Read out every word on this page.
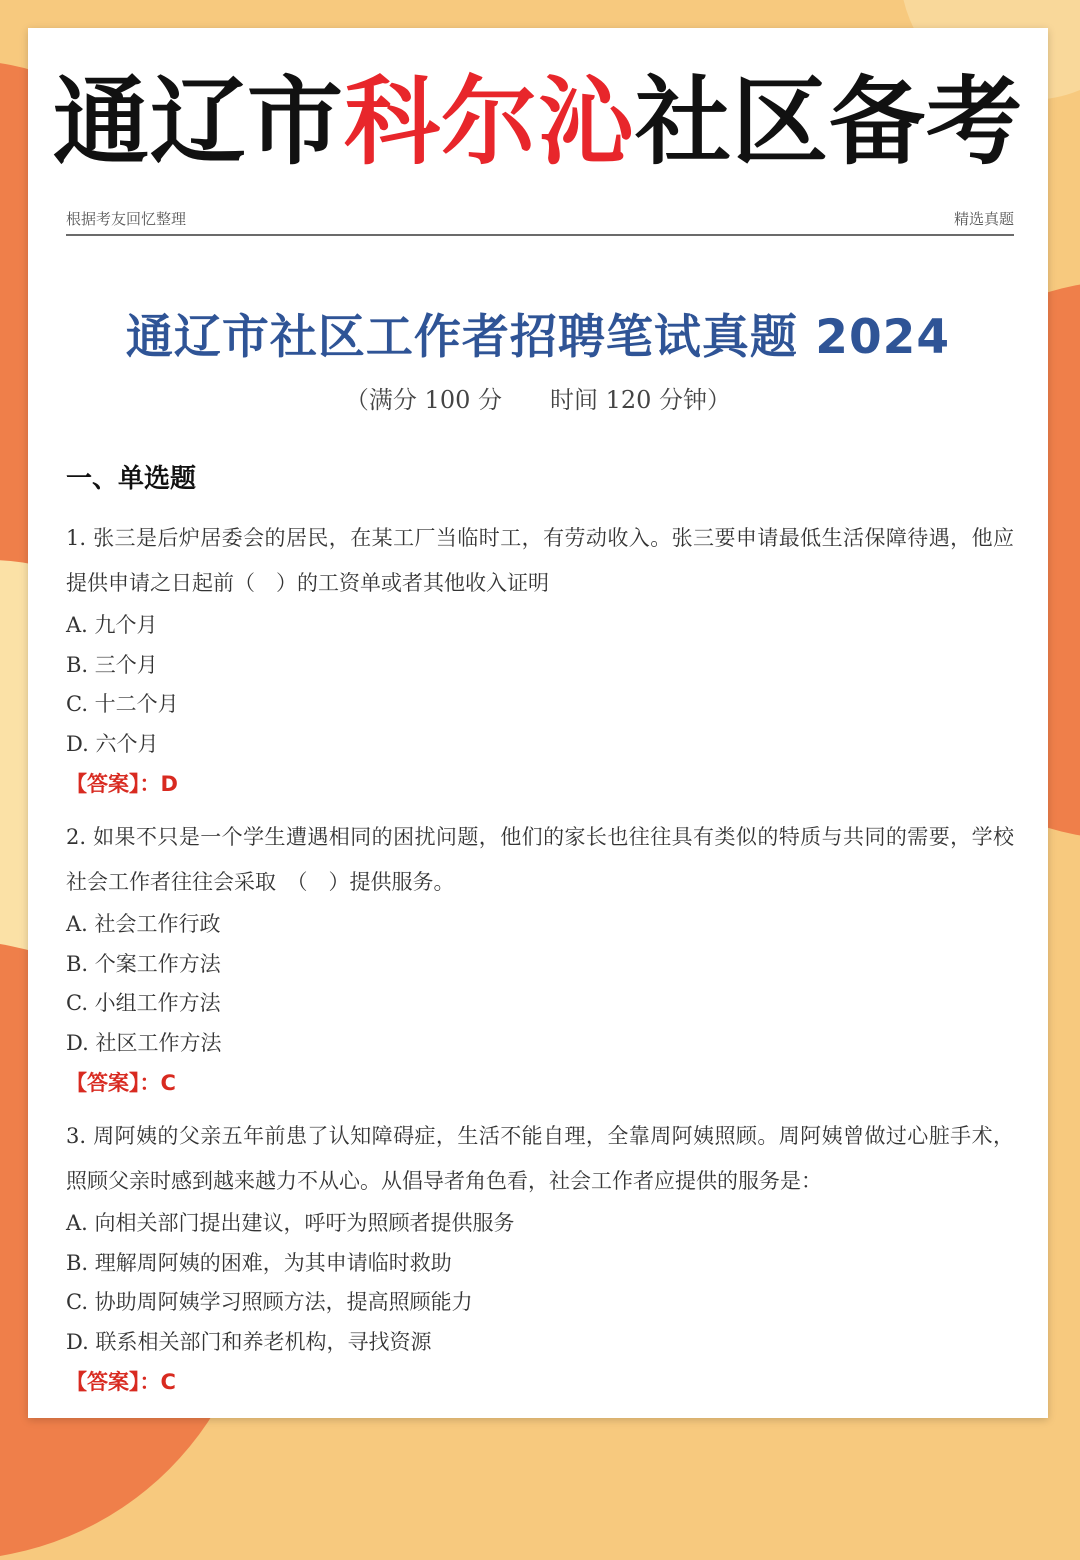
通辽市科尔沁社区备考
根据考友回忆整理	精选真题
通辽市社区工作者招聘笔试真题 2024
（满分 100 分　　时间 120 分钟）
一、单选题

1. 张三是后炉居委会的居民，在某工厂当临时工，有劳动收入。张三要申请最低生活保障待遇，他应提供申请之日起前（　）的工资单或者其他收入证明

A. 九个月

B. 三个月

C. 十二个月

D. 六个月

【答案】：D

2. 如果不只是一个学生遭遇相同的困扰问题，他们的家长也往往具有类似的特质与共同的需要，学校社会工作者往往会采取　（　）提供服务。

A. 社会工作行政

B. 个案工作方法

C. 小组工作方法

D. 社区工作方法

【答案】：C

3. 周阿姨的父亲五年前患了认知障碍症，生活不能自理，全靠周阿姨照顾。周阿姨曾做过心脏手术，照顾父亲时感到越来越力不从心。从倡导者角色看，社会工作者应提供的服务是：

A. 向相关部门提出建议，呼吁为照顾者提供服务

B. 理解周阿姨的困难，为其申请临时救助

C. 协助周阿姨学习照顾方法，提高照顾能力

D. 联系相关部门和养老机构，寻找资源

【答案】：C
